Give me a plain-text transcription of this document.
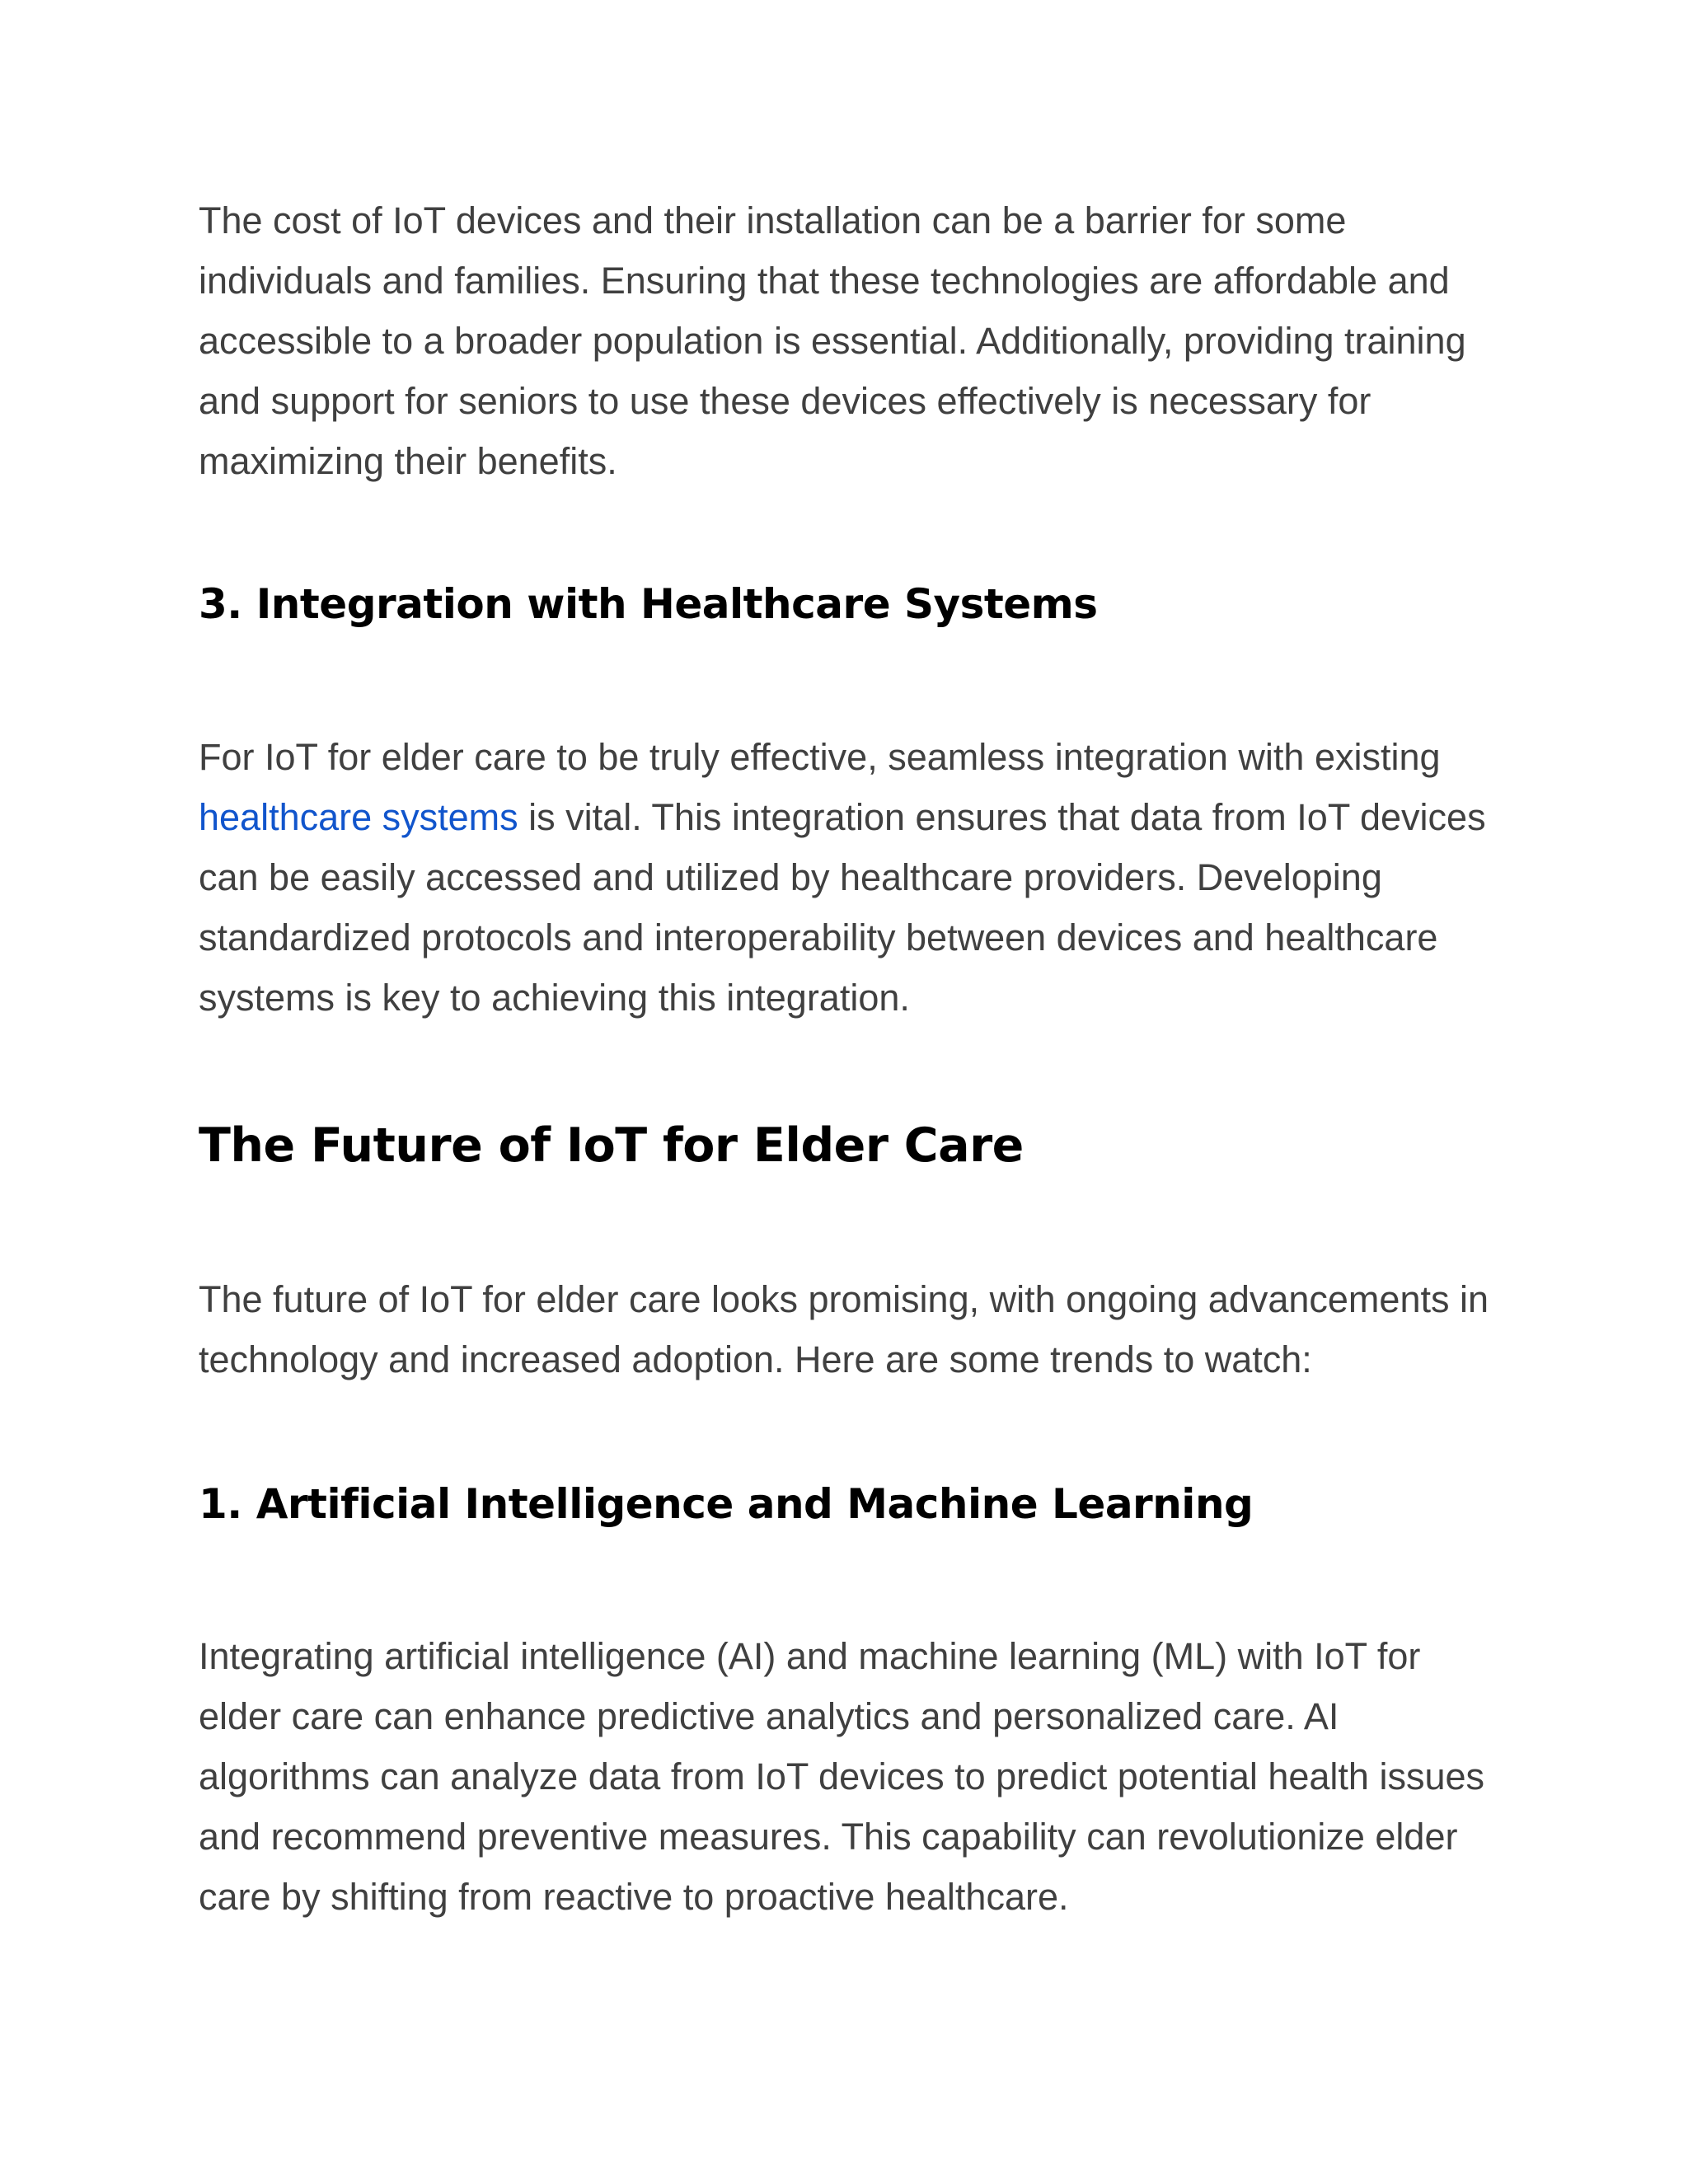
The cost of IoT devices and their installation can be a barrier for some individuals and families. Ensuring that these technologies are affordable and accessible to a broader population is essential. Additionally, providing training and support for seniors to use these devices effectively is necessary for maximizing their benefits.

3. Integration with Healthcare Systems

For IoT for elder care to be truly effective, seamless integration with existing healthcare systems is vital. This integration ensures that data from IoT devices can be easily accessed and utilized by healthcare providers. Developing standardized protocols and interoperability between devices and healthcare systems is key to achieving this integration.

The Future of IoT for Elder Care

The future of IoT for elder care looks promising, with ongoing advancements in technology and increased adoption. Here are some trends to watch:

1. Artificial Intelligence and Machine Learning

Integrating artificial intelligence (AI) and machine learning (ML) with IoT for elder care can enhance predictive analytics and personalized care. AI algorithms can analyze data from IoT devices to predict potential health issues and recommend preventive measures. This capability can revolutionize elder care by shifting from reactive to proactive healthcare.
